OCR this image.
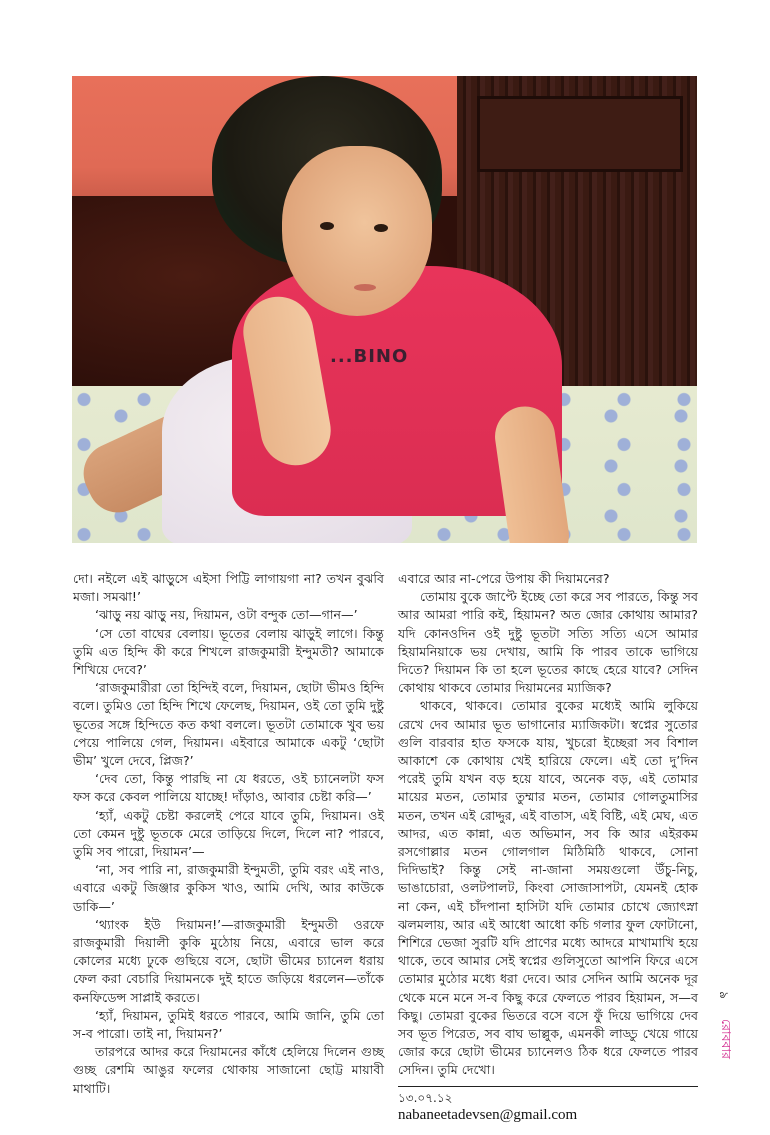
...BINO

দো। নইলে এই ঝাড়ুসে এইসা পিট্টি লাগায়গা না? তখন বুঝবি মজা। সমঝা!’

‘ঝাড়ু নয় ঝাড়ু নয়, দিয়ামন, ওটা বন্দুক তো—গান—’

‘সে তো বাঘের বেলায়। ভূতের বেলায় ঝাড়ুই লাগে। কিন্তু তুমি এত হিন্দি কী করে শিখলে রাজকুমারী ইন্দুমতী? আমাকে শিখিয়ে দেবে?’

‘রাজকুমারীরা তো হিন্দিই বলে, দিয়ামন, ছোটা ভীমও হিন্দি বলে। তুমিও তো হিন্দি শিখে ফেলেছ, দিয়ামন, ওই তো তুমি দুষ্টু ভূতের সঙ্গে হিন্দিতে কত কথা বললে। ভূতটা তোমাকে খুব ভয় পেয়ে পালিয়ে গেল, দিয়ামন। এইবারে আমাকে একটু ‘ছোটা ভীম’ খুলে দেবে, প্লিজ?’

‘দেব তো, কিন্তু পারছি না যে ধরতে, ওই চ্যানেলটা ফস ফস করে কেবল পালিয়ে যাচ্ছে! দাঁড়াও, আবার চেষ্টা করি—’

‘হ্যাঁ, একটু চেষ্টা করলেই পেরে যাবে তুমি, দিয়ামন। ওই তো কেমন দুষ্টু ভূতকে মেরে তাড়িয়ে দিলে, দিলে না? পারবে, তুমি সব পারো, দিয়ামন’—

‘না, সব পারি না, রাজকুমারী ইন্দুমতী, তুমি বরং এই নাও, এবারে একটু জিঞ্জার কুকিস খাও, আমি দেখি, আর কাউকে ডাকি—’

‘থ্যাংক ইউ দিয়ামন!’—রাজকুমারী ইন্দুমতী ওরফে রাজকুমারী দিয়ালী কুকি মুঠোয় নিয়ে, এবারে ভাল করে কোলের মধ্যে ঢুকে গুছিয়ে বসে, ছোটা ভীমের চ্যানেল ধরায় ফেল করা বেচারি দিয়ামনকে দুই হাতে জড়িয়ে ধরলেন—তাঁকে কনফিডেন্স সাপ্লাই করতে।

‘হ্যাঁ, দিয়ামন, তুমিই ধরতে পারবে, আমি জানি, তুমি তো স-ব পারো। তাই না, দিয়ামন?’

তারপরে আদর করে দিয়ামনের কাঁধে হেলিয়ে দিলেন গুচ্ছ গুচ্ছ রেশমি আঙুর ফলের থোকায় সাজানো ছোট্ট মায়াবী মাথাটি।

এবারে আর না-পেরে উপায় কী দিয়ামনের?

তোমায় বুকে জাপ্টে ইচ্ছে তো করে সব পারতে, কিন্তু সব আর আমরা পারি কই, হিয়ামন? অত জোর কোথায় আমার? যদি কোনওদিন ওই দুষ্টু ভূতটা সত্যি সত্যি এসে আমার হিয়ামনিয়াকে ভয় দেখায়, আমি কি পারব তাকে ভাগিয়ে দিতে? দিয়ামন কি তা হলে ভূতের কাছে হেরে যাবে? সেদিন কোথায় থাকবে তোমার দিয়ামনের ম্যাজিক?

থাকবে, থাকবে। তোমার বুকের মধ্যেই আমি লুকিয়ে রেখে দেব আমার ভূত ভাগানোর ম্যাজিকটা। স্বপ্নের সুতোর গুলি বারবার হাত ফসকে যায়, খুচরো ইচ্ছেরা সব বিশাল আকাশে কে কোথায় খেই হারিয়ে ফেলে। এই তো দু’দিন পরেই তুমি যখন বড় হয়ে যাবে, অনেক বড়, এই তোমার মায়ের মতন, তোমার তুম্মার মতন, তোমার গোলতুমাসির মতন, তখন এই রোদ্দুর, এই বাতাস, এই বিষ্টি, এই মেঘ, এত আদর, এত কান্না, এত অভিমান, সব কি আর এইরকম রসগোল্লার মতন গোলগাল মিঠিমিঠি থাকবে, সোনা দিদিভাই? কিন্তু সেই না-জানা সময়গুলো উঁচু-নিচু, ভাঙাচোরা, ওলটপালট, কিংবা সোজাসাপটা, যেমনই হোক না কেন, এই চাঁদপানা হাসিটা যদি তোমার চোখে জ্যোৎস্না ঝলমলায়, আর এই আধো আধো কচি গলার ফুল ফোটানো, শিশিরে ভেজা সুরটি যদি প্রাণের মধ্যে আদরে মাখামাখি হয়ে থাকে, তবে আমার সেই স্বপ্নের গুলিসুতো আপনি ফিরে এসে তোমার মুঠোর মধ্যে ধরা দেবে। আর সেদিন আমি অনেক দূর থেকে মনে মনে স-ব কিছু করে ফেলতে পারব হিয়ামন, স—ব কিছু। তোমরা বুকের ভিতরে বসে বসে ফুঁ দিয়ে ভাগিয়ে দেব সব ভূত পিরেত, সব বাঘ ভাল্লুক, এমনকী লাড্ডু খেয়ে গায়ে জোর করে ছোটা ভীমের চ্যানেলও ঠিক ধরে ফেলতে পারব সেদিন। তুমি দেখো।

১৩.০৭.১২
nabaneetadevsen@gmail.com
৯
রোববার
